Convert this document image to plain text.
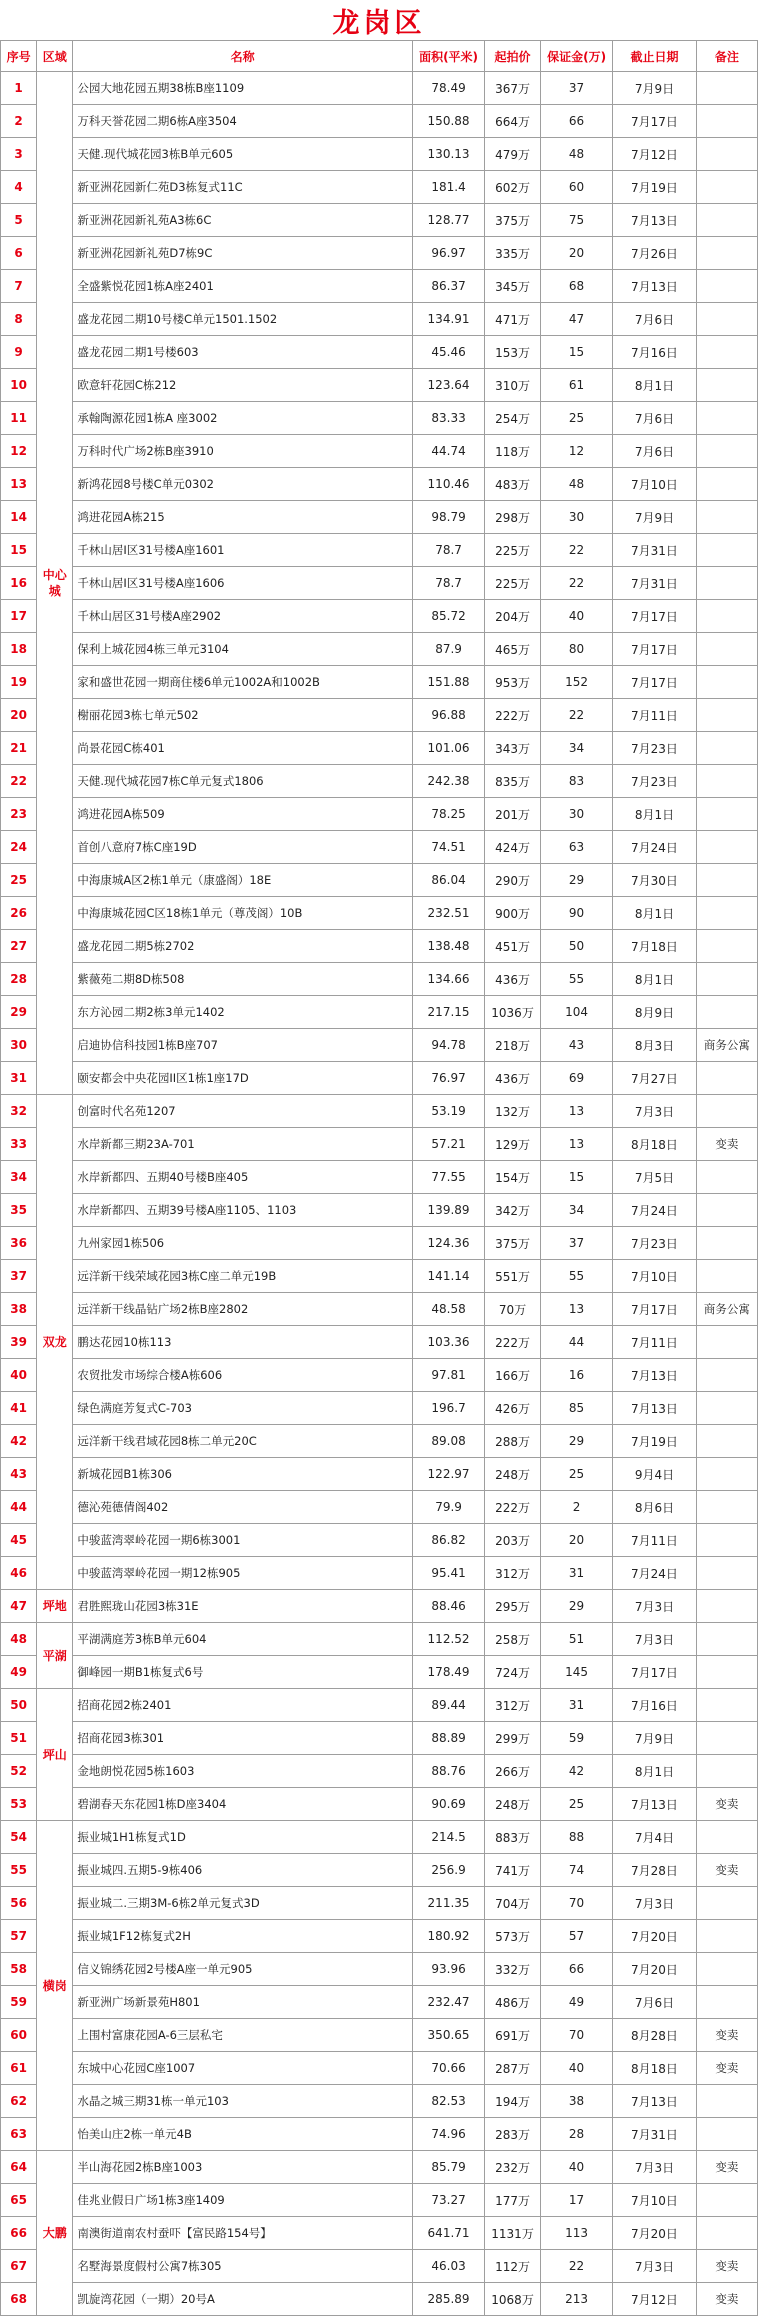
龙岗区
序号	区域	名称	面积(平米)	起拍价	保证金(万)	截止日期	备注
1	中心城	公园大地花园五期38栋B座1109	78.49	367万	37	7月9日	
2		万科天誉花园二期6栋A座3504	150.88	664万	66	7月17日	
3		天健.现代城花园3栋B单元605	130.13	479万	48	7月12日	
4		新亚洲花园新仁苑D3栋复式11C	181.4	602万	60	7月19日	
5		新亚洲花园新礼苑A3栋6C	128.77	375万	75	7月13日	
6		新亚洲花园新礼苑D7栋9C	96.97	335万	20	7月26日	
7		全盛紫悦花园1栋A座2401	86.37	345万	68	7月13日	
8		盛龙花园二期10号楼C单元1501.1502	134.91	471万	47	7月6日	
9		盛龙花园二期1号楼603	45.46	153万	15	7月16日	
10		欧意轩花园C栋212	123.64	310万	61	8月1日	
11		承翰陶源花园1栋A 座3002	83.33	254万	25	7月6日	
12		万科时代广场2栋B座3910	44.74	118万	12	7月6日	
13		新鸿花园8号楼C单元0302	110.46	483万	48	7月10日	
14		鸿进花园A栋215	98.79	298万	30	7月9日	
15		千林山居Ⅰ区31号楼A座1601	78.7	225万	22	7月31日	
16		千林山居Ⅰ区31号楼A座1606	78.7	225万	22	7月31日	
17		千林山居区31号楼A座2902	85.72	204万	40	7月17日	
18		保利上城花园4栋三单元3104	87.9	465万	80	7月17日	
19		家和盛世花园一期商住楼6单元1002A和1002B	151.88	953万	152	7月17日	
20		榭丽花园3栋七单元502	96.88	222万	22	7月11日	
21		尚景花园C栋401	101.06	343万	34	7月23日	
22		天健.现代城花园7栋C单元复式1806	242.38	835万	83	7月23日	
23		鸿进花园A栋509	78.25	201万	30	8月1日	
24		首创八意府7栋C座19D	74.51	424万	63	7月24日	
25		中海康城A区2栋1单元（康盛阁）18E	86.04	290万	29	7月30日	
26		中海康城花园C区18栋1单元（尊茂阁）10B	232.51	900万	90	8月1日	
27		盛龙花园二期5栋2702	138.48	451万	50	7月18日	
28		紫薇苑二期8D栋508	134.66	436万	55	8月1日	
29		东方沁园二期2栋3单元1402	217.15	1036万	104	8月9日	
30		启迪协信科技园1栋B座707	94.78	218万	43	8月3日	商务公寓
31		颐安都会中央花园II区1栋1座17D	76.97	436万	69	7月27日	
32	双龙	创富时代名苑1207	53.19	132万	13	7月3日	
33		水岸新都三期23A-701	57.21	129万	13	8月18日	变卖
34		水岸新都四、五期40号楼B座405	77.55	154万	15	7月5日	
35		水岸新都四、五期39号楼A座1105、1103	139.89	342万	34	7月24日	
36		九州家园1栋506	124.36	375万	37	7月23日	
37		远洋新干线荣域花园3栋C座二单元19B	141.14	551万	55	7月10日	
38		远洋新干线晶钻广场2栋B座2802	48.58	70万	13	7月17日	商务公寓
39		鹏达花园10栋113	103.36	222万	44	7月11日	
40		农贸批发市场综合楼A栋606	97.81	166万	16	7月13日	
41		绿色满庭芳复式C-703	196.7	426万	85	7月13日	
42		远洋新干线君域花园8栋二单元20C	89.08	288万	29	7月19日	
43		新城花园B1栋306	122.97	248万	25	9月4日	
44		德沁苑德倩阁402	79.9	222万	2	8月6日	
45		中骏蓝湾翠岭花园一期6栋3001	86.82	203万	20	7月11日	
46		中骏蓝湾翠岭花园一期12栋905	95.41	312万	31	7月24日	
47	坪地	君胜熙珑山花园3栋31E	88.46	295万	29	7月3日	
48	平湖	平湖满庭芳3栋B单元604	112.52	258万	51	7月3日	
49		御峰园一期B1栋复式6号	178.49	724万	145	7月17日	
50	坪山	招商花园2栋2401	89.44	312万	31	7月16日	
51		招商花园3栋301	88.89	299万	59	7月9日	
52		金地朗悦花园5栋1603	88.76	266万	42	8月1日	
53		碧湖春天东花园1栋D座3404	90.69	248万	25	7月13日	变卖
54	横岗	振业城1H1栋复式1D	214.5	883万	88	7月4日	
55		振业城四.五期5-9栋406	256.9	741万	74	7月28日	变卖
56		振业城二.三期3M-6栋2单元复式3D	211.35	704万	70	7月3日	
57		振业城1F12栋复式2H	180.92	573万	57	7月20日	
58		信义锦绣花园2号楼A座一单元905	93.96	332万	66	7月20日	
59		新亚洲广场新景苑H801	232.47	486万	49	7月6日	
60		上围村富康花园A-6三层私宅	350.65	691万	70	8月28日	变卖
61		东城中心花园C座1007	70.66	287万	40	8月18日	变卖
62		水晶之城三期31栋一单元103	82.53	194万	38	7月13日	
63		怡美山庄2栋一单元4B	74.96	283万	28	7月31日	
64	大鹏	半山海花园2栋B座1003	85.79	232万	40	7月3日	变卖
65		佳兆业假日广场1栋3座1409	73.27	177万	17	7月10日	
66		南澳街道南农村蚕吓【富民路154号】	641.71	1131万	113	7月20日	
67		名墅海景度假村公寓7栋305	46.03	112万	22	7月3日	变卖
68		凯旋湾花园（一期）20号A	285.89	1068万	213	7月12日	变卖
